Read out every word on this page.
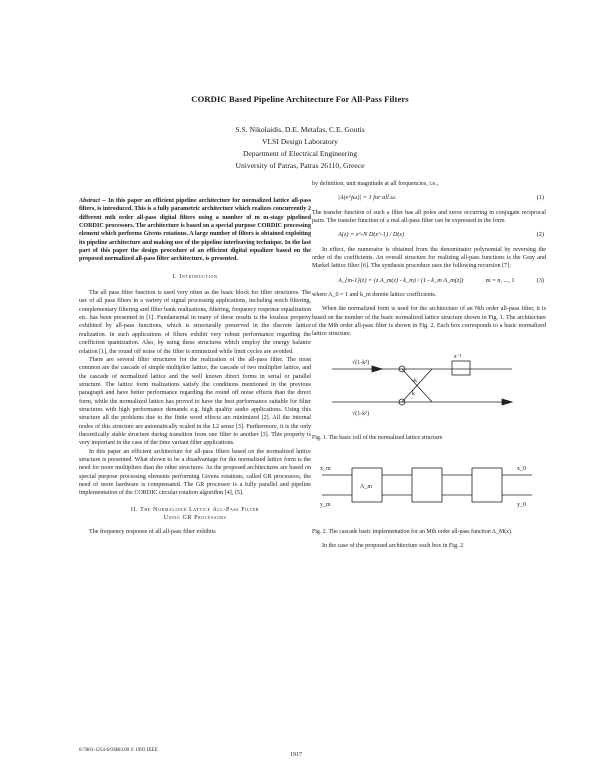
CORDIC Based Pipeline Architecture For All-Pass Filters
S.S. Nikolaidis, D.E. Metafas, C.E. Goutis
VLSI Design Laboratory
Department of Electrical Engineering
University of Patras, Patras 26110, Greece

Abstract -- In this paper an efficient pipeline architecture for normalized lattice all-pass filters, is introduced. This is a fully parametric architecture which realizes concurrently 2 different mth order all-pass digital filters using a number of m m-stage pipelined CORDIC processors. The architecture is based on a special purpose CORDIC processing element which performs Givens rotations. A large number of filters is obtained exploiting its pipeline architecture and making use of the pipeline interleaving technique. In the last part of this paper the design procedure of an efficient digital equalizer based on the proposed normalized all-pass filter architecture, is presented.

I. Introduction

The all pass filter function is used very often as the basic block for filter structures. The use of all pass filters in a variety of signal processing applications, including notch filtering, complementary filtering and filter bank realizations, filtering, frequency response equalization etc. has been presented in [1]. Fundamental in many of these results is the lossless property exhibited by all-pass functions, which is structurally preserved in the discrete lattice realization. In such applications of filters exhibit very robust performance regarding the coefficient quantization. Also, by using these structures which employ the energy balance relation [1], the round off noise of the filter is minimized while limit cycles are avoided.

There are several filter structures for the realization of the all-pass filter. The most common are the cascade of simple multiplier lattice, the cascade of two multiplier lattice, and the cascade of normalized lattice and the well known direct forms in serial or parallel structure. The lattice form realizations satisfy the conditions mentioned in the previous paragraph and have better performance regarding the round off noise effects than the direct form, while the normalized lattice has proved to have the best performance suitable for filter structures with high performance demands e.g. high quality audio applications. Using this structure all the problems due to the finite word effects are minimized [2]. All the internal nodes of this structure are automatically scaled in the L2 sense [3]. Furthermore, it is the only theoretically stable structure during transition from one filter to another [3]. This property is very important in the case of the time variant filter applications.

In this paper an efficient architecture for all-pass filters based on the normalized lattice structure is presented. What shown to be a disadvantage for the normalized lattice form is the need for more multipliers than the other structures. As the proposed architectures are based on special purpose processing elements performing Givens rotations, called GR processors, the need of more hardware is compensated. The GR processor is a fully parallel and pipeline implementation of the CORDIC circular rotation algorithm [4], [5].

II. The Normalized Lattice All-Pass Filter
Using GR Processors

The frequency response of all all-pass filter exhibits

by definition, unit magnitude at all frequencies, i.e.,

|A(e^jω)| = 1 for all ω.	(1)

The transfer function of such a filter has all poles and zeros occurring in conjugate reciprocal pairs. The transfer function of a real all-pass filter can be expressed in the form

A(z) = z^-N D(z^-1) / D(z)	(2)

In effect, the numerator is obtained from the denominator polynomial by reversing the order of the coefficients. An overall structure for realizing all-pass functions is the Gray and Markel lattice filter [6]. The synthesis procedure uses the following recursion [7]:

A_{m-1}(z) = (z A_m(z) - k_m) / (1 - k_m A_m(z))	m = n, ..., 1	(3)

where A_0 = 1 and k_m denote lattice coefficients.

When the normalized form is used for the architecture of an Nth order all-pass filter, it is based on the number of the basic normalized lattice structure shown in Fig. 1. The architecture of the Mth order all-pass filter is shown in Fig. 2. Each box corresponds to a basic normalized lattice structure.

z⁻¹
√(1-k²)
-k
k
√(1-k²)
Fig. 1. The basic cell of the normalized lattice structure.
x_m
y_m
x_0
y_0
A_m
Fig. 2. The cascade basic implementation for an Mth order all-pass function A_M(z).

In the case of the proposed architecture each box in Fig. 2

0-7803-1254-6/93$03.00 © 1993 IEEE
1917
